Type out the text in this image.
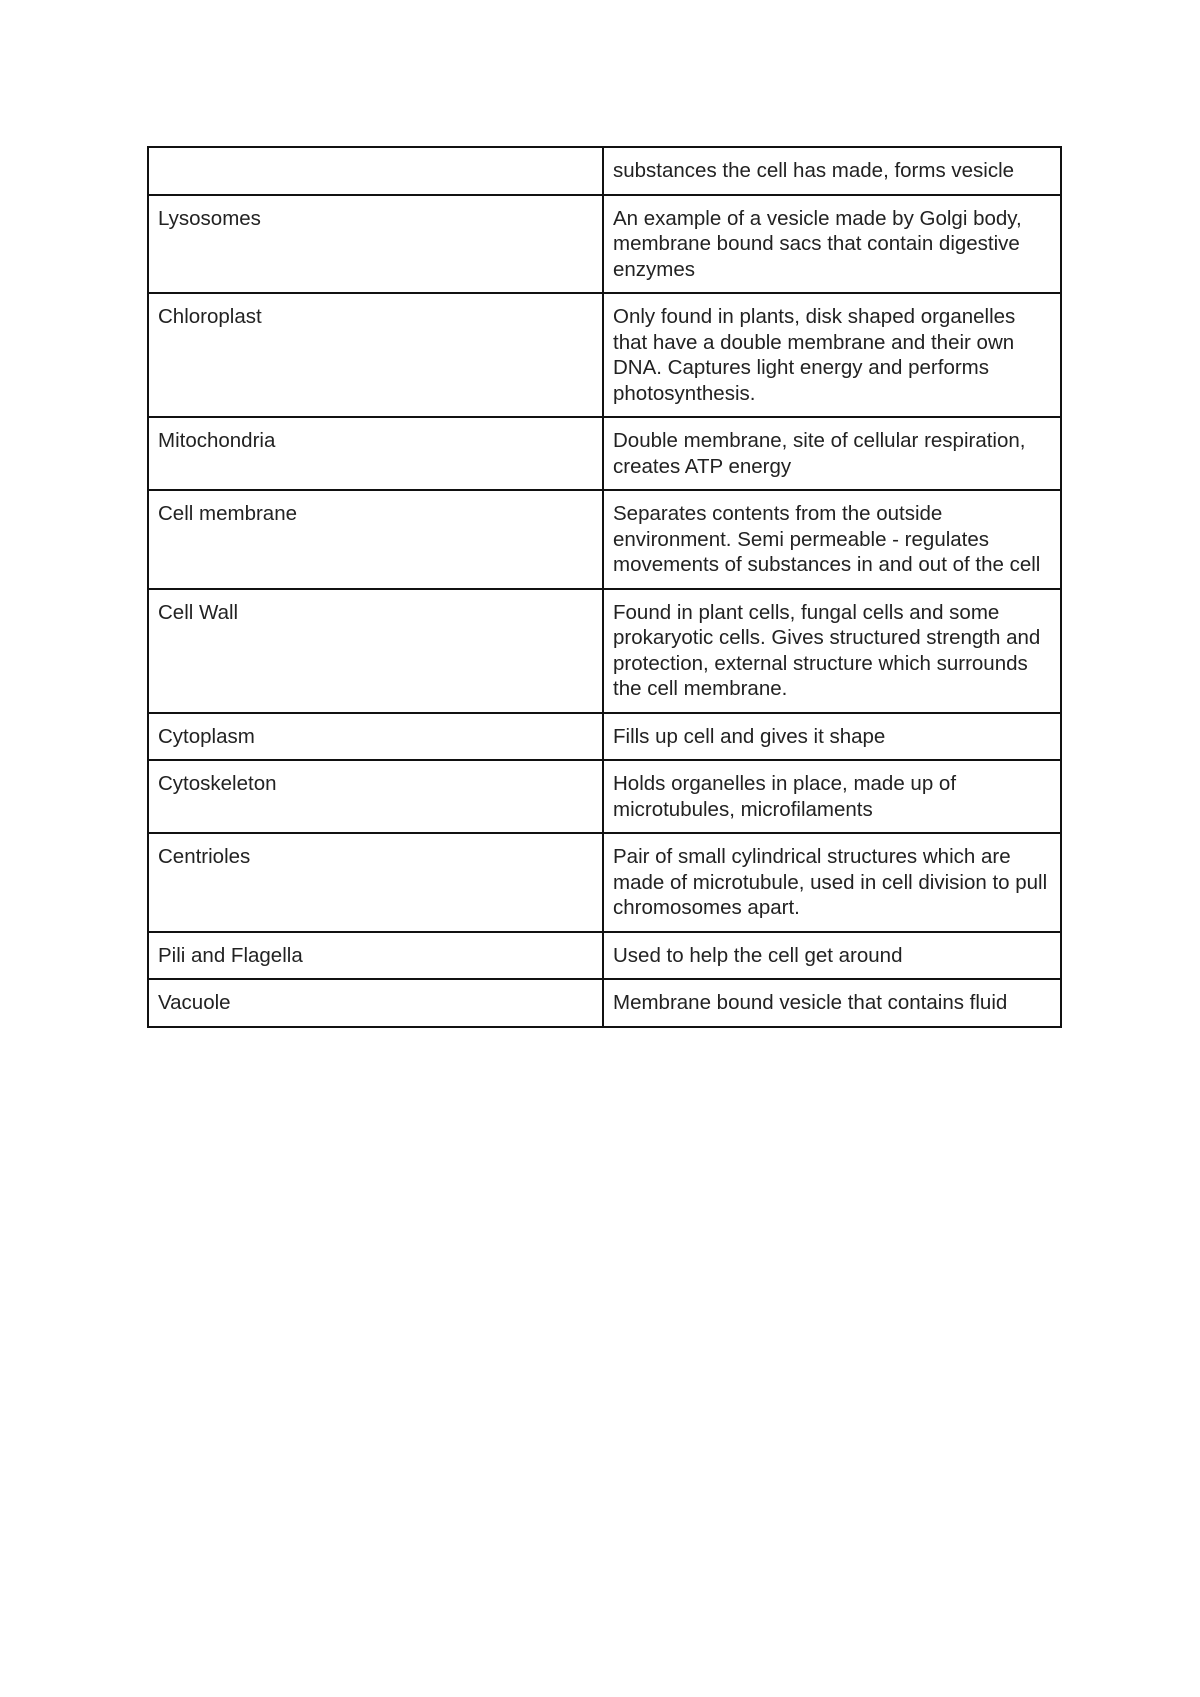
	substances the cell has made, forms vesicle
Lysosomes	An example of a vesicle made by Golgi body, membrane bound sacs that contain digestive enzymes
Chloroplast	Only found in plants, disk shaped organelles that have a double membrane and their own DNA. Captures light energy and performs photosynthesis.
Mitochondria	Double membrane, site of cellular respiration, creates ATP energy
Cell membrane	Separates contents from the outside environment. Semi permeable - regulates movements of substances in and out of the cell
Cell Wall	Found in plant cells, fungal cells and some prokaryotic cells. Gives structured strength and protection, external structure which surrounds the cell membrane.
Cytoplasm	Fills up cell and gives it shape
Cytoskeleton	Holds organelles in place, made up of microtubules, microfilaments
Centrioles	Pair of small cylindrical structures which are made of microtubule, used in cell division to pull chromosomes apart.
Pili and Flagella	Used to help the cell get around
Vacuole	Membrane bound vesicle that contains fluid
